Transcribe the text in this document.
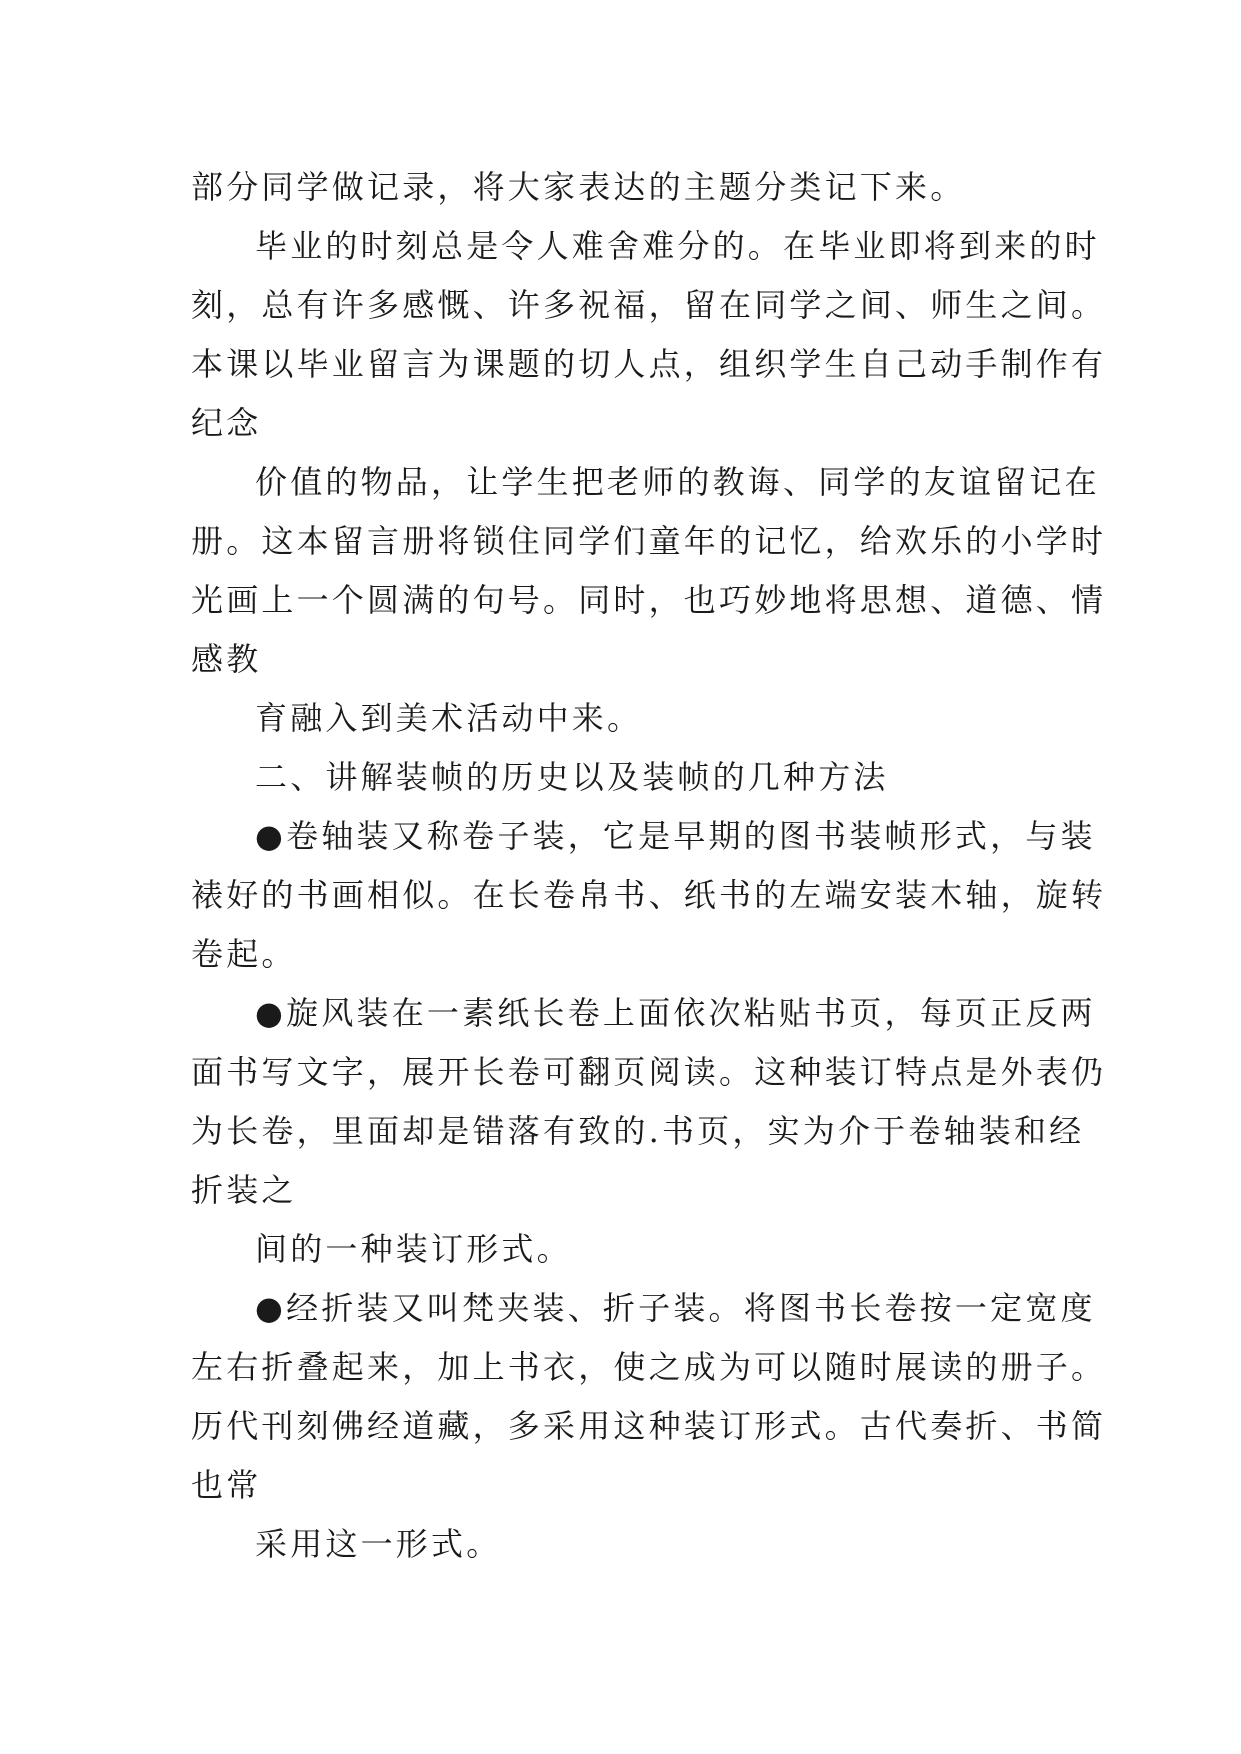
部分同学做记录，将大家表达的主题分类记下来。
毕业的时刻总是令人难舍难分的。在毕业即将到来的时
刻，总有许多感慨、许多祝福，留在同学之间、师生之间。
本课以毕业留言为课题的切人点，组织学生自己动手制作有
纪念
价值的物品，让学生把老师的教诲、同学的友谊留记在
册。这本留言册将锁住同学们童年的记忆，给欢乐的小学时
光画上一个圆满的句号。同时，也巧妙地将思想、道德、情
感教
育融入到美术活动中来。
二、讲解装帧的历史以及装帧的几种方法
●卷轴装又称卷子装，它是早期的图书装帧形式，与装
裱好的书画相似。在长卷帛书、纸书的左端安装木轴，旋转
卷起。
●旋风装在一素纸长卷上面依次粘贴书页，每页正反两
面书写文字，展开长卷可翻页阅读。这种装订特点是外表仍
为长卷，里面却是错落有致的.书页，实为介于卷轴装和经
折装之
间的一种装订形式。
●经折装又叫梵夹装、折子装。将图书长卷按一定宽度
左右折叠起来，加上书衣，使之成为可以随时展读的册子。
历代刊刻佛经道藏，多采用这种装订形式。古代奏折、书简
也常
采用这一形式。
